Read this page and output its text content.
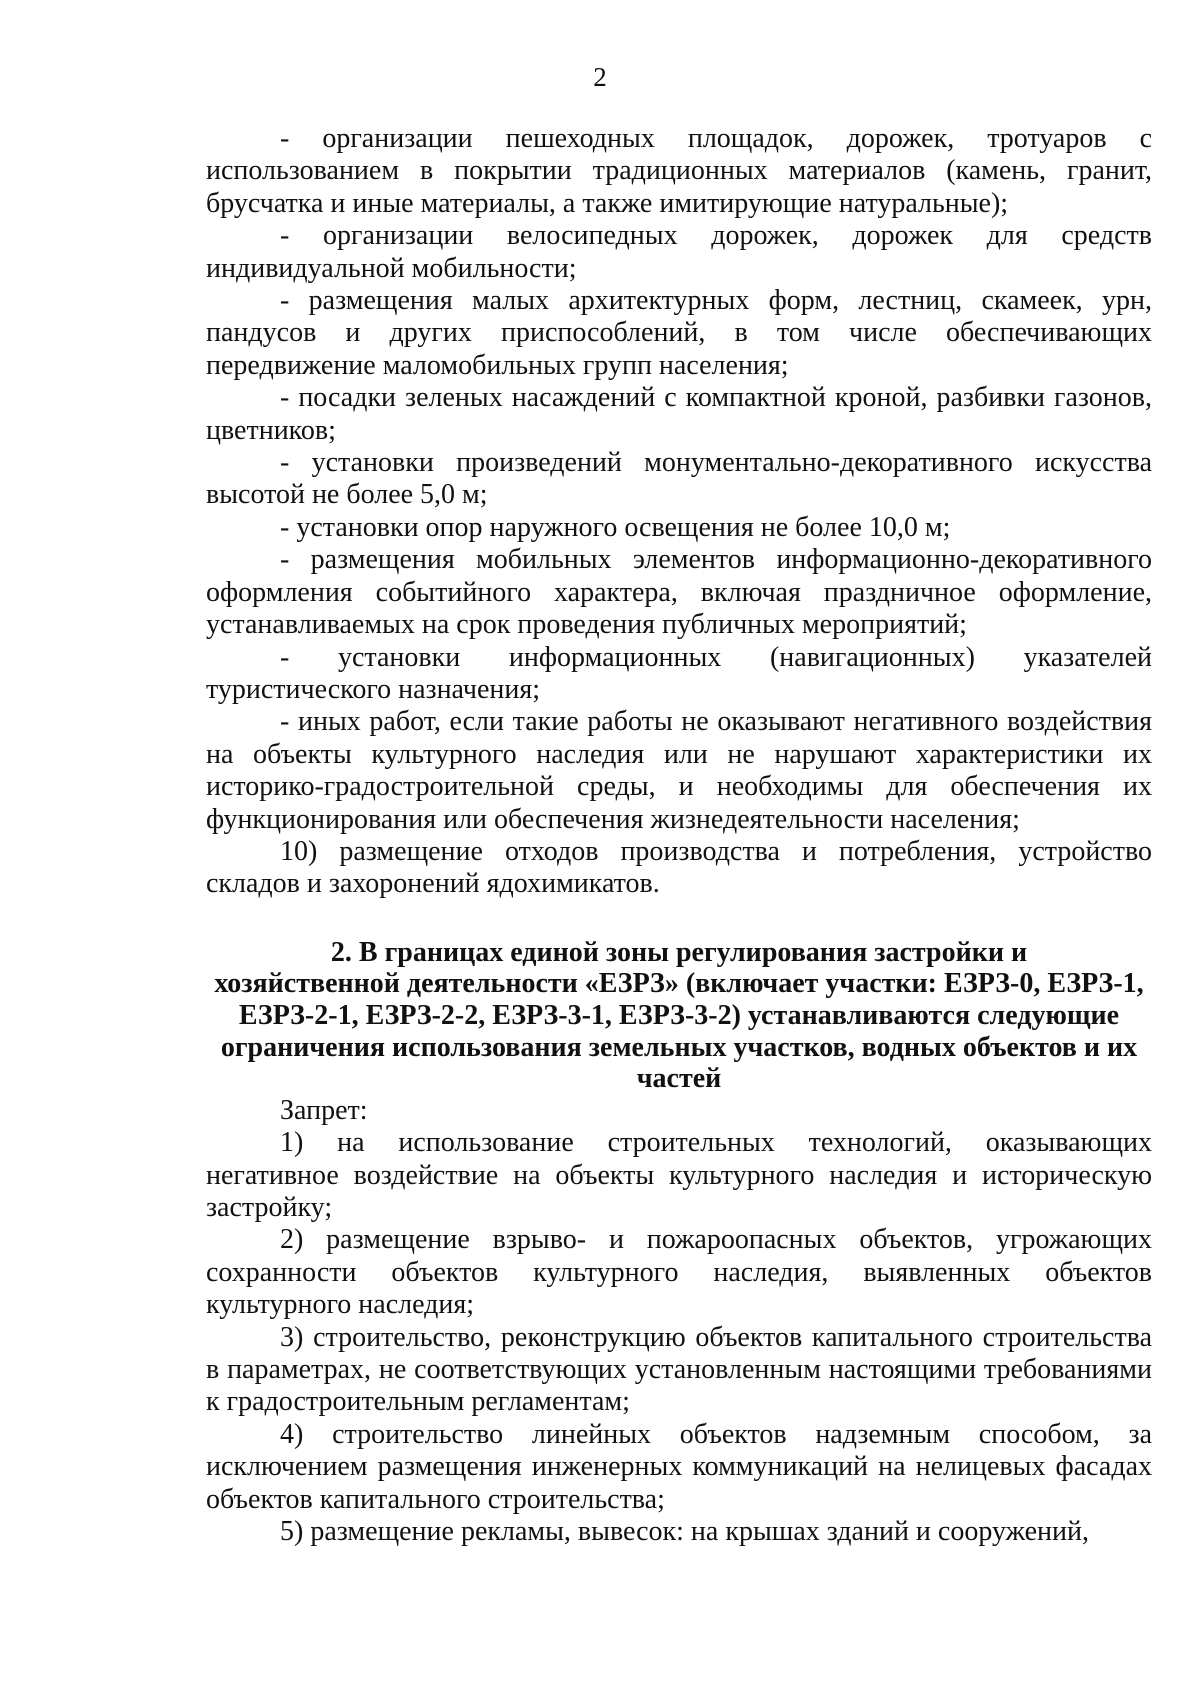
2

- организации пешеходных площадок, дорожек, тротуаров с использованием в покрытии традиционных материалов (камень, гранит, брусчатка и иные материалы, а также имитирующие натуральные);

- организации велосипедных дорожек, дорожек для средств индивидуальной мобильности;

- размещения малых архитектурных форм, лестниц, скамеек, урн, пандусов и других приспособлений, в том числе обеспечивающих передвижение маломобильных групп населения;

- посадки зеленых насаждений с компактной кроной, разбивки газонов, цветников;

- установки произведений монументально-декоративного искусства высотой не более 5,0 м;

- установки опор наружного освещения не более 10,0 м;

- размещения мобильных элементов информационно-декоративного оформления событийного характера, включая праздничное оформление, устанавливаемых на срок проведения публичных мероприятий;

- установки информационных (навигационных) указателей туристического назначения;

- иных работ, если такие работы не оказывают негативного воздействия на объекты культурного наследия или не нарушают характеристики их историко-градостроительной среды, и необходимы для обеспечения их функционирования или обеспечения жизнедеятельности населения;

10) размещение отходов производства и потребления, устройство складов и захоронений ядохимикатов.

2. В границах единой зоны регулирования застройки и
хозяйственной деятельности «ЕЗРЗ» (включает участки: ЕЗРЗ-0, ЕЗРЗ-1,
ЕЗРЗ-2-1, ЕЗРЗ-2-2, ЕЗРЗ-3-1, ЕЗРЗ-3-2) устанавливаются следующие
ограничения использования земельных участков, водных объектов и их
частей

Запрет:

1) на использование строительных технологий, оказывающих негативное воздействие на объекты культурного наследия и историческую застройку;

2) размещение взрыво- и пожароопасных объектов, угрожающих сохранности объектов культурного наследия, выявленных объектов культурного наследия;

3) строительство, реконструкцию объектов капитального строительства в параметрах, не соответствующих установленным настоящими требованиями к градостроительным регламентам;

4) строительство линейных объектов надземным способом, за исключением размещения инженерных коммуникаций на нелицевых фасадах объектов капитального строительства;

5) размещение рекламы, вывесок: на крышах зданий и сооружений,
